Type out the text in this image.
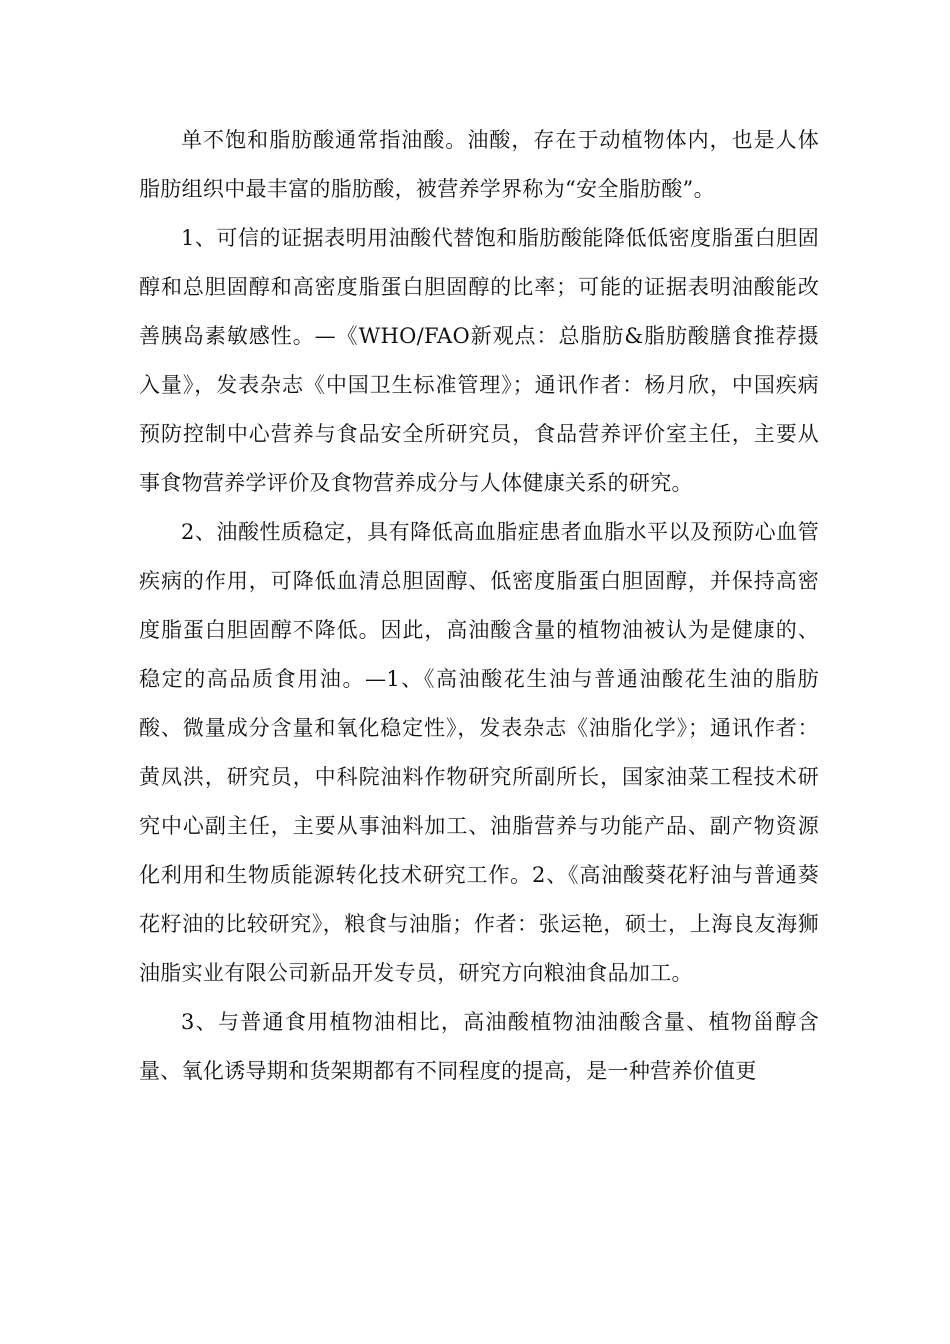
单不饱和脂肪酸通常指油酸。油酸，存在于动植物体内，也是人体脂肪组织中最丰富的脂肪酸，被营养学界称为“安全脂肪酸”。

1、可信的证据表明用油酸代替饱和脂肪酸能降低低密度脂蛋白胆固醇和总胆固醇和高密度脂蛋白胆固醇的比率；可能的证据表明油酸能改善胰岛素敏感性。—《WHO/FAO新观点：总脂肪&脂肪酸膳食推荐摄入量》，发表杂志《中国卫生标准管理》；通讯作者：杨月欣，中国疾病预防控制中心营养与食品安全所研究员，食品营养评价室主任，主要从事食物营养学评价及食物营养成分与人体健康关系的研究。

2、油酸性质稳定，具有降低高血脂症患者血脂水平以及预防心血管疾病的作用，可降低血清总胆固醇、低密度脂蛋白胆固醇，并保持高密度脂蛋白胆固醇不降低。因此，高油酸含量的植物油被认为是健康的、稳定的高品质食用油。—1、《高油酸花生油与普通油酸花生油的脂肪酸、微量成分含量和氧化稳定性》，发表杂志《油脂化学》；通讯作者：黄凤洪，研究员，中科院油料作物研究所副所长，国家油菜工程技术研究中心副主任，主要从事油料加工、油脂营养与功能产品、副产物资源化利用和生物质能源转化技术研究工作。2、《高油酸葵花籽油与普通葵花籽油的比较研究》，粮食与油脂；作者：张运艳，硕士，上海良友海狮油脂实业有限公司新品开发专员，研究方向粮油食品加工。

3、与普通食用植物油相比，高油酸植物油油酸含量、植物甾醇含量、氧化诱导期和货架期都有不同程度的提高，是一种营养价值更
